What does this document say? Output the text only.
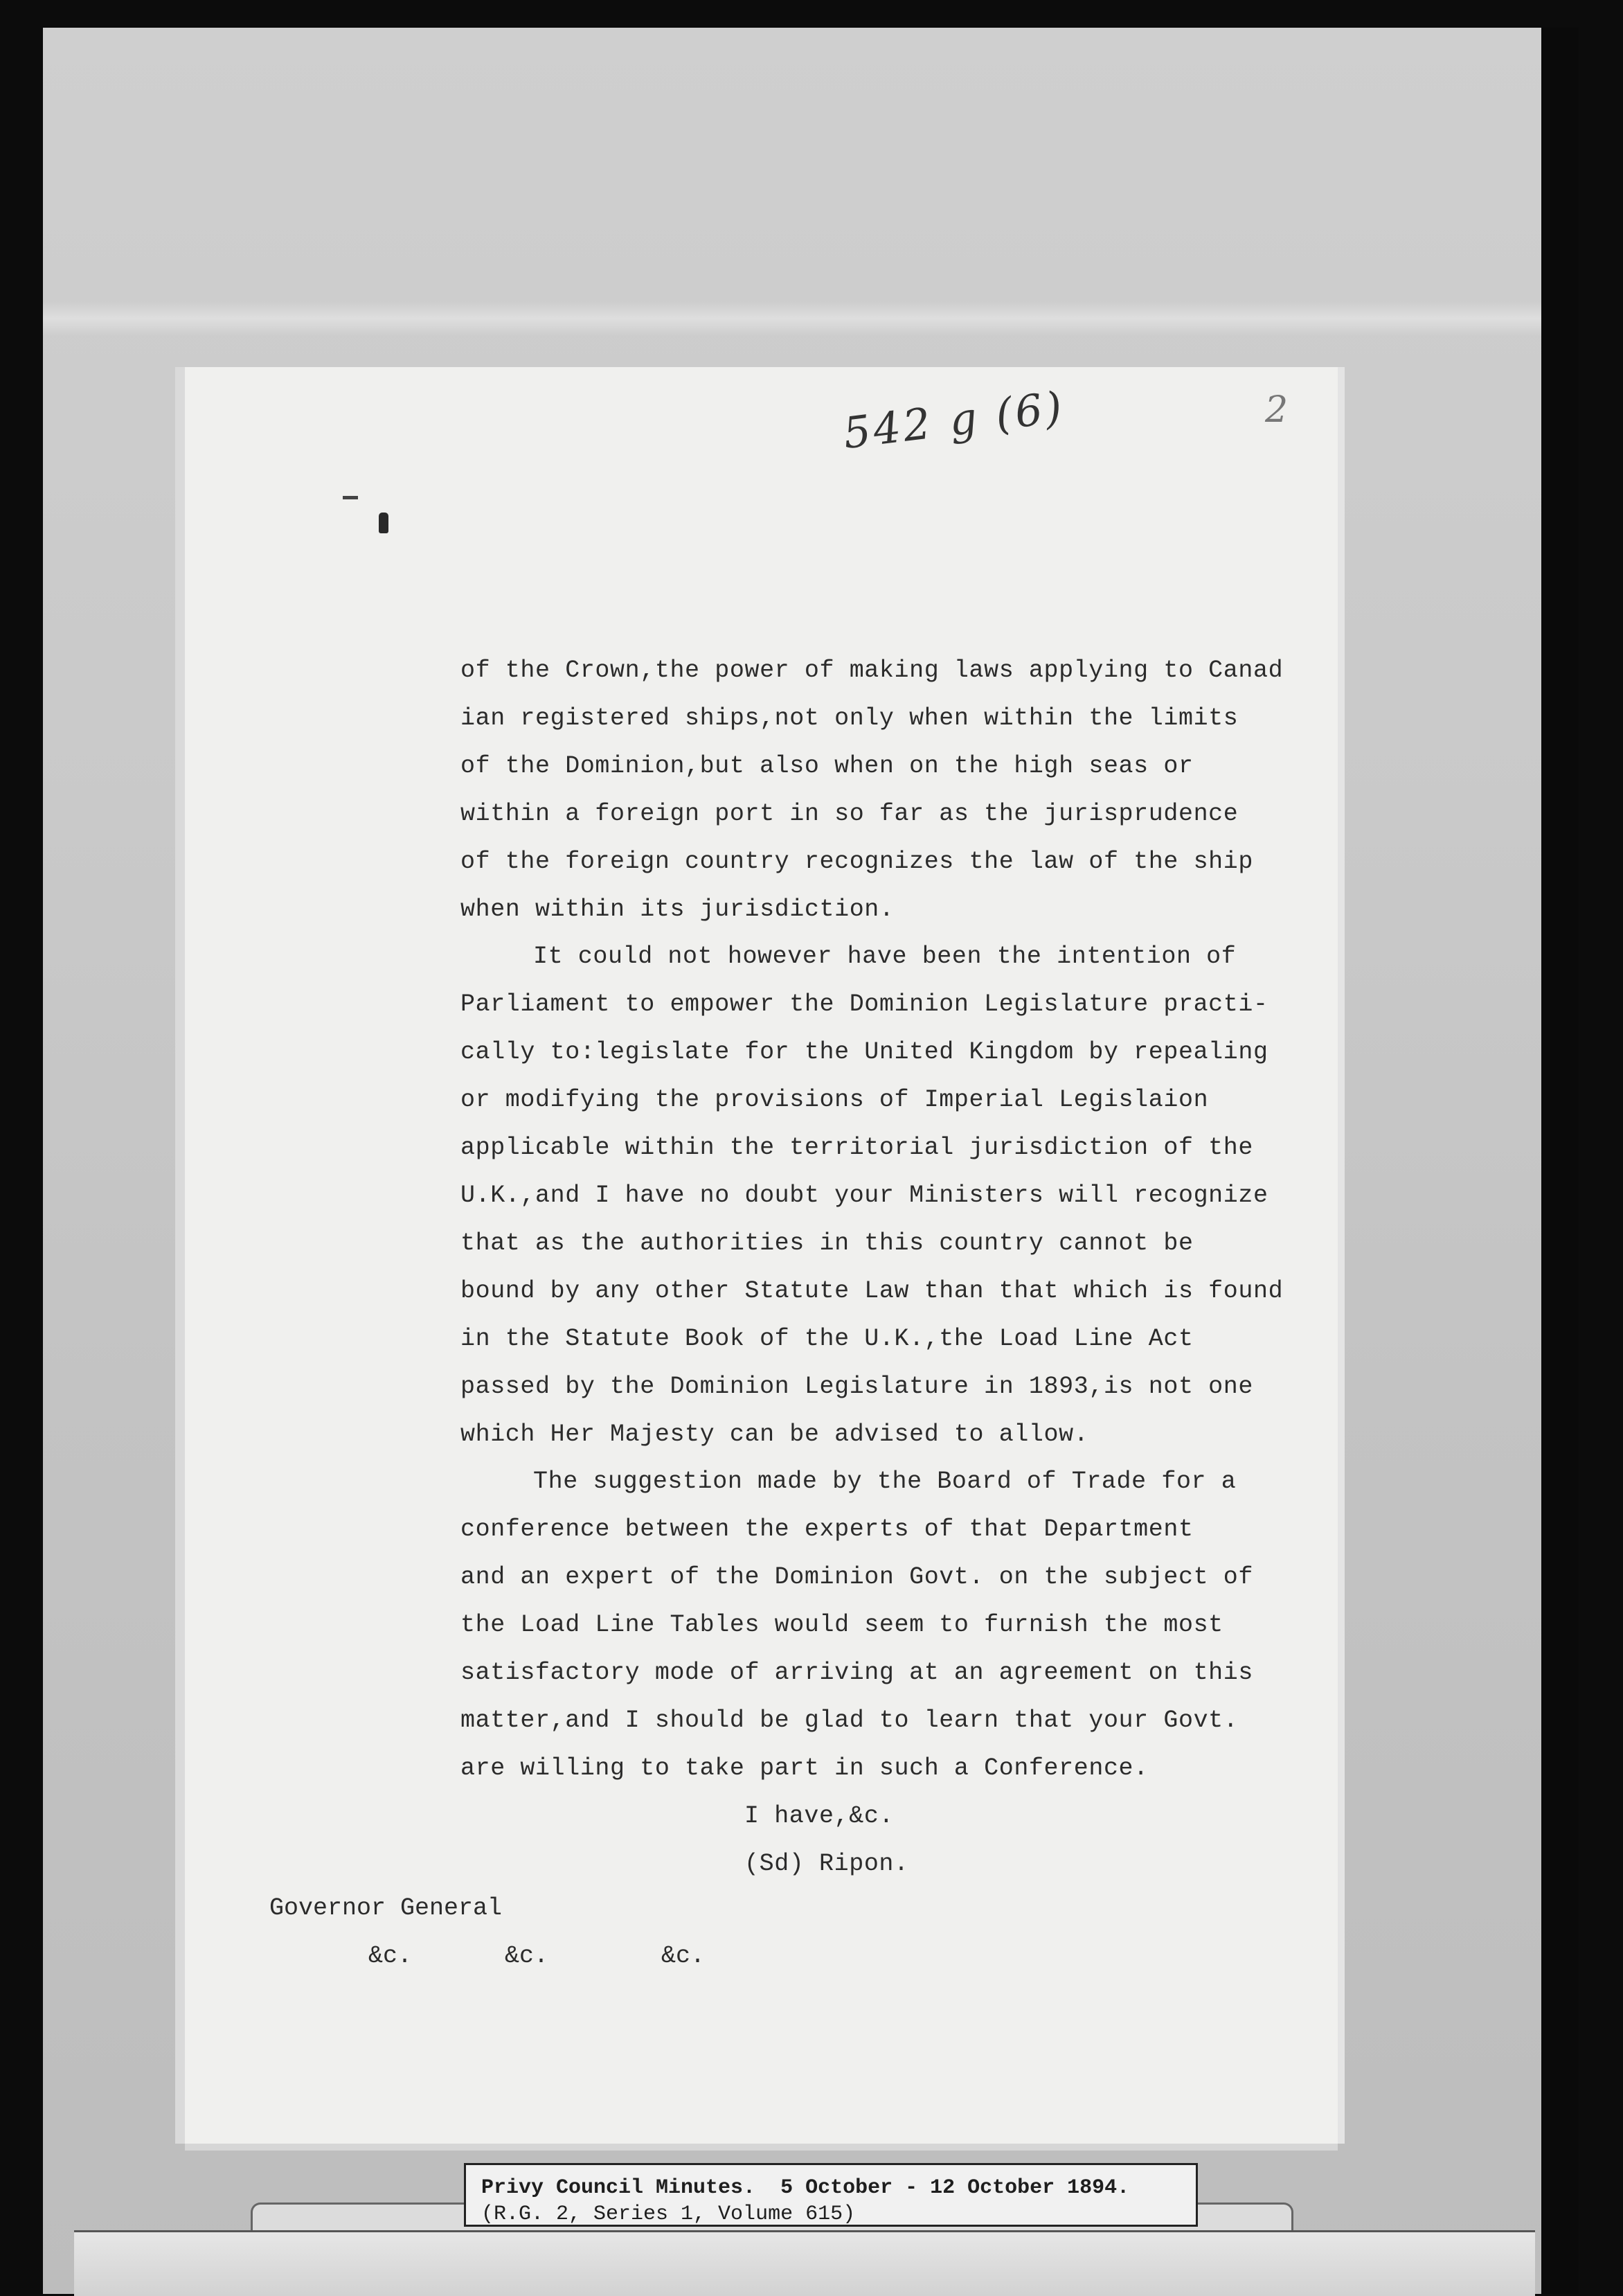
542 g (6)	2
of the Crown,the power of making laws applying to Canad
ian registered ships,not only when within the limits
of the Dominion,but also when on the high seas or
within a foreign port in so far as the jurisprudence
of the foreign country recognizes the law of the ship
when within its jurisdiction.
It could not however have been the intention of
Parliament to empower the Dominion Legislature practi-
cally to:legislate for the United Kingdom by repealing
or modifying the provisions of Imperial Legislaion
applicable within the territorial jurisdiction of the
U.K.,and I have no doubt your Ministers will recognize
that as the authorities in this country cannot be
bound by any other Statute Law than that which is found
in the Statute Book of the U.K.,the Load Line Act
passed by the Dominion Legislature in 1893,is not one
which Her Majesty can be advised to allow.
The suggestion made by the Board of Trade for a
conference between the experts of that Department
and an expert of the Dominion Govt. on the subject of
the Load Line Tables would seem to furnish the most
satisfactory mode of arriving at an agreement on this
matter,and I should be glad to learn that your Govt.
are willing to take part in such a Conference.
I have,&c.
(Sd) Ripon.
Governor General
&c.	&c.	&c.
Privy Council Minutes.  5 October - 12 October 1894.
(R.G. 2, Series 1, Volume 615)
